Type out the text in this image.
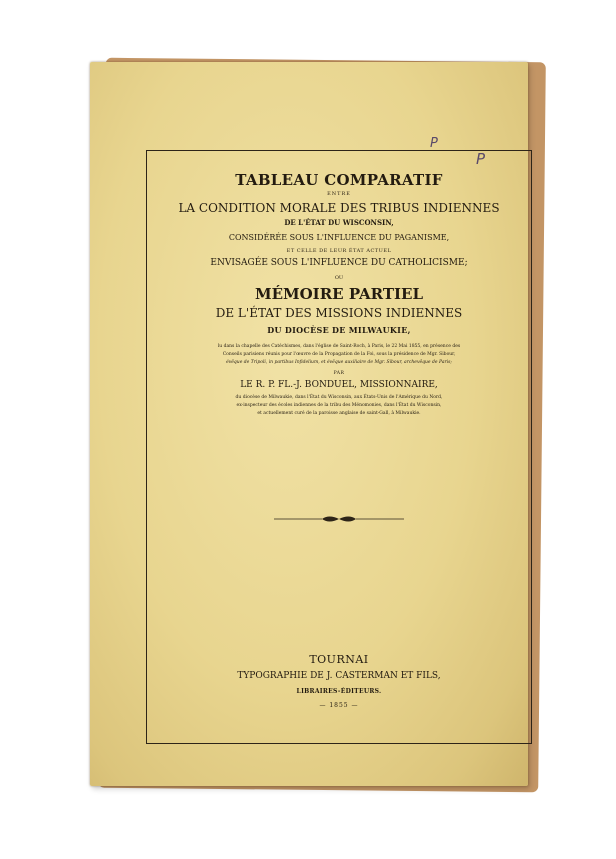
P
P
TABLEAU COMPARATIF
ENTRE
LA CONDITION MORALE DES TRIBUS INDIENNES
DE L'ÉTAT DU WISCONSIN,
CONSIDÉRÉE SOUS L'INFLUENCE DU PAGANISME,
ET CELLE DE LEUR ÉTAT ACTUEL
ENVISAGÉE SOUS L'INFLUENCE DU CATHOLICISME;
OU
MÉMOIRE PARTIEL
DE L'ÉTAT DES MISSIONS INDIENNES
DU DIOCÈSE DE MILWAUKIE,
lu dans la chapelle des Catéchismes, dans l'église de Saint-Roch, à Paris, le 22 Mai 1855, en présence des
Conseils parisiens réunis pour l'œuvre de la Propagation de la Foi, sous la présidence de Mgr. Sibour,
évêque de Tripoli, in partibus Infidelium, et évêque auxiliaire de Mgr. Sibour, archevêque de Paris;
PAR
LE R. P. FL.-J. BONDUEL, MISSIONNAIRE,
du diocèse de Milwaukie, dans l'État du Wisconsin, aux États-Unis de l'Amérique du Nord,
ex-inspecteur des écoles indiennes de la tribu des Ménomonies, dans l'État du Wisconsin,
et actuellement curé de la paroisse anglaise de saint-Gall, à Milwaukie.
TOURNAI
TYPOGRAPHIE DE J. CASTERMAN ET FILS,
LIBRAIRES-ÉDITEURS.
— 1855 —
